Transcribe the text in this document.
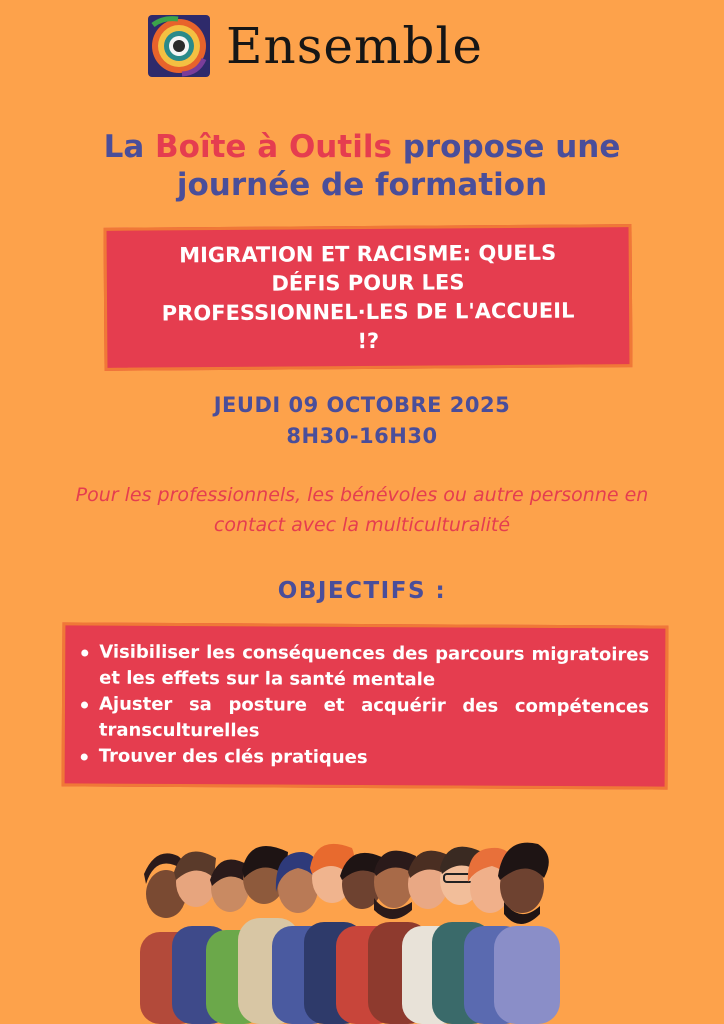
Ensemble
La Boîte à Outils propose une journée de formation
MIGRATION ET RACISME: QUELS DÉFIS POUR LES PROFESSIONNEL·LES DE L'ACCUEIL !?
JEUDI 09 OCTOBRE 2025
8H30-16H30
Pour les professionnels, les bénévoles ou autre personne en contact avec la multiculturalité
OBJECTIFS :
Visibiliser les conséquences des parcours migratoires et les effets sur la santé mentale
Ajuster sa posture et acquérir des compétences transculturelles
Trouver des clés pratiques
